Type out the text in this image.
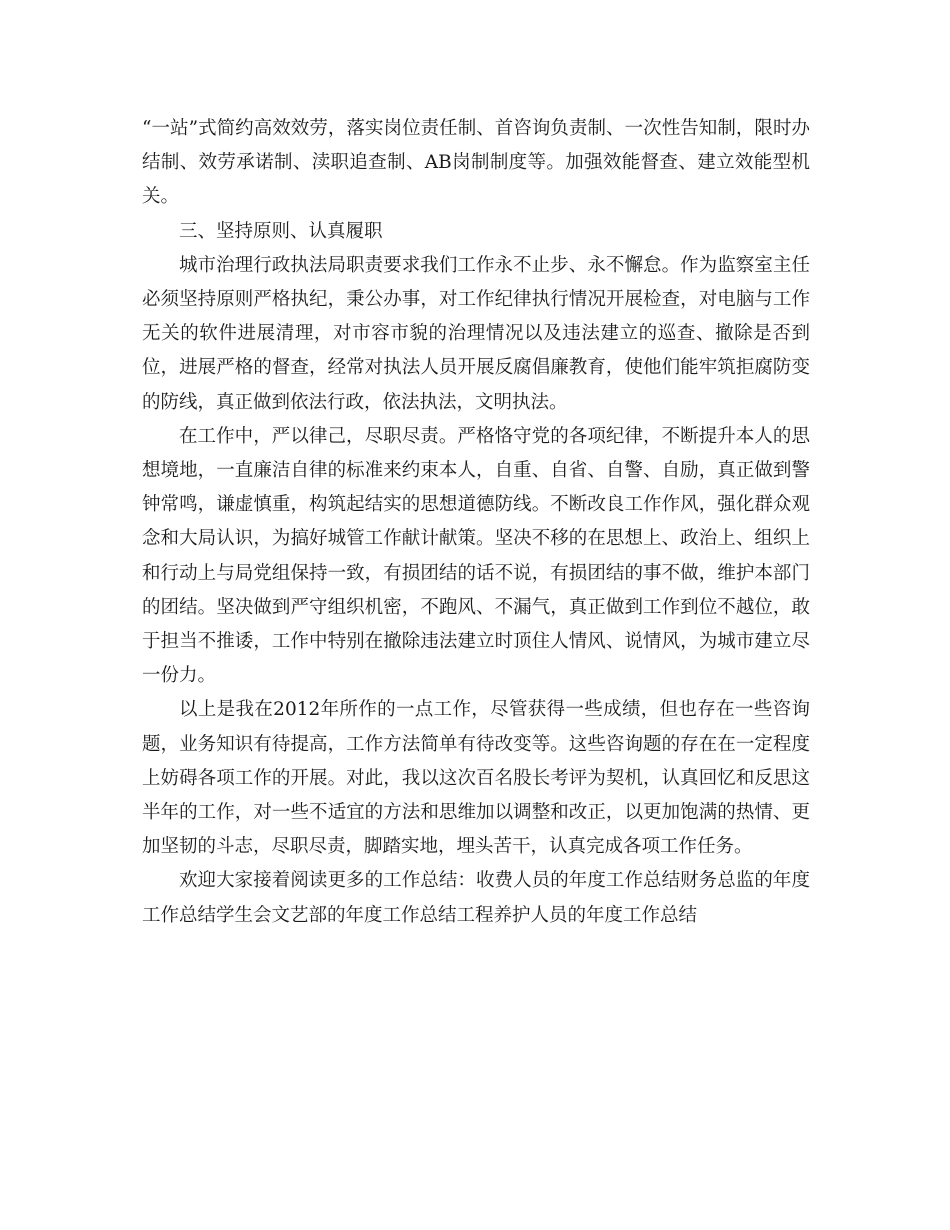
“一站”式简约高效效劳，落实岗位责任制、首咨询负责制、一次性告知制，限时办结制、效劳承诺制、渎职追查制、AB岗制制度等。加强效能督查、建立效能型机关。

三、坚持原则、认真履职

城市治理行政执法局职责要求我们工作永不止步、永不懈怠。作为监察室主任必须坚持原则严格执纪，秉公办事，对工作纪律执行情况开展检查，对电脑与工作无关的软件进展清理，对市容市貌的治理情况以及违法建立的巡查、撤除是否到位，进展严格的督查，经常对执法人员开展反腐倡廉教育，使他们能牢筑拒腐防变的防线，真正做到依法行政，依法执法，文明执法。

在工作中，严以律己，尽职尽责。严格恪守党的各项纪律，不断提升本人的思想境地，一直廉洁自律的标准来约束本人，自重、自省、自警、自励，真正做到警钟常鸣，谦虚慎重，构筑起结实的思想道德防线。不断改良工作作风，强化群众观念和大局认识，为搞好城管工作献计献策。坚决不移的在思想上、政治上、组织上和行动上与局党组保持一致，有损团结的话不说，有损团结的事不做，维护本部门的团结。坚决做到严守组织机密，不跑风、不漏气，真正做到工作到位不越位，敢于担当不推诿，工作中特别在撤除违法建立时顶住人情风、说情风，为城市建立尽一份力。

以上是我在2012年所作的一点工作，尽管获得一些成绩，但也存在一些咨询题，业务知识有待提高，工作方法简单有待改变等。这些咨询题的存在在一定程度上妨碍各项工作的开展。对此，我以这次百名股长考评为契机，认真回忆和反思这半年的工作，对一些不适宜的方法和思维加以调整和改正，以更加饱满的热情、更加坚韧的斗志，尽职尽责，脚踏实地，埋头苦干，认真完成各项工作任务。

欢迎大家接着阅读更多的工作总结：收费人员的年度工作总结财务总监的年度工作总结学生会文艺部的年度工作总结工程养护人员的年度工作总结
